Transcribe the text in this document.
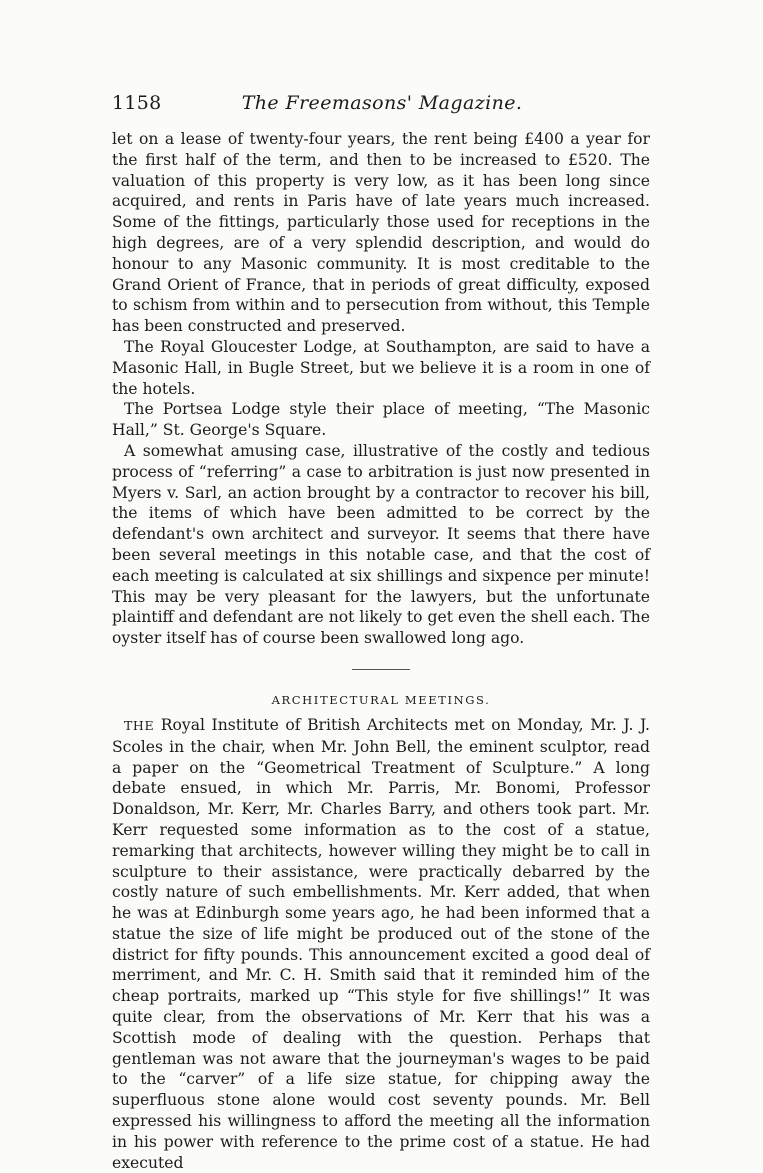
1158	The Freemasons' Magazine.

let on a lease of twenty-four years, the rent being £400 a year for the first half of the term, and then to be increased to £520. The valuation of this property is very low, as it has been long since acquired, and rents in Paris have of late years much increased. Some of the fittings, particularly those used for receptions in the high degrees, are of a very splendid description, and would do honour to any Masonic community. It is most creditable to the Grand Orient of France, that in periods of great difficulty, exposed to schism from within and to persecution from without, this Temple has been constructed and preserved.

The Royal Gloucester Lodge, at Southampton, are said to have a Masonic Hall, in Bugle Street, but we believe it is a room in one of the hotels.

The Portsea Lodge style their place of meeting, “The Masonic Hall,” St. George's Square.

A somewhat amusing case, illustrative of the costly and tedious process of “referring” a case to arbitration is just now presented in Myers v. Sarl, an action brought by a contractor to recover his bill, the items of which have been admitted to be correct by the defendant's own architect and surveyor. It seems that there have been several meetings in this notable case, and that the cost of each meeting is calculated at six shillings and sixpence per minute! This may be very pleasant for the lawyers, but the unfortunate plaintiff and defendant are not likely to get even the shell each. The oyster itself has of course been swallowed long ago.

ARCHITECTURAL MEETINGS.

THE Royal Institute of British Architects met on Monday, Mr. J. J. Scoles in the chair, when Mr. John Bell, the eminent sculptor, read a paper on the “Geometrical Treatment of Sculpture.” A long debate ensued, in which Mr. Parris, Mr. Bonomi, Professor Donaldson, Mr. Kerr, Mr. Charles Barry, and others took part. Mr. Kerr requested some information as to the cost of a statue, remarking that architects, however willing they might be to call in sculpture to their assistance, were practically debarred by the costly nature of such embellishments. Mr. Kerr added, that when he was at Edinburgh some years ago, he had been informed that a statue the size of life might be produced out of the stone of the district for fifty pounds. This announcement excited a good deal of merriment, and Mr. C. H. Smith said that it reminded him of the cheap portraits, marked up “This style for five shillings!” It was quite clear, from the observations of Mr. Kerr that his was a Scottish mode of dealing with the question. Perhaps that gentleman was not aware that the journeyman's wages to be paid to the “carver” of a life size statue, for chipping away the superfluous stone alone would cost seventy pounds. Mr. Bell expressed his willingness to afford the meeting all the information in his power with reference to the prime cost of a statue. He had executed
